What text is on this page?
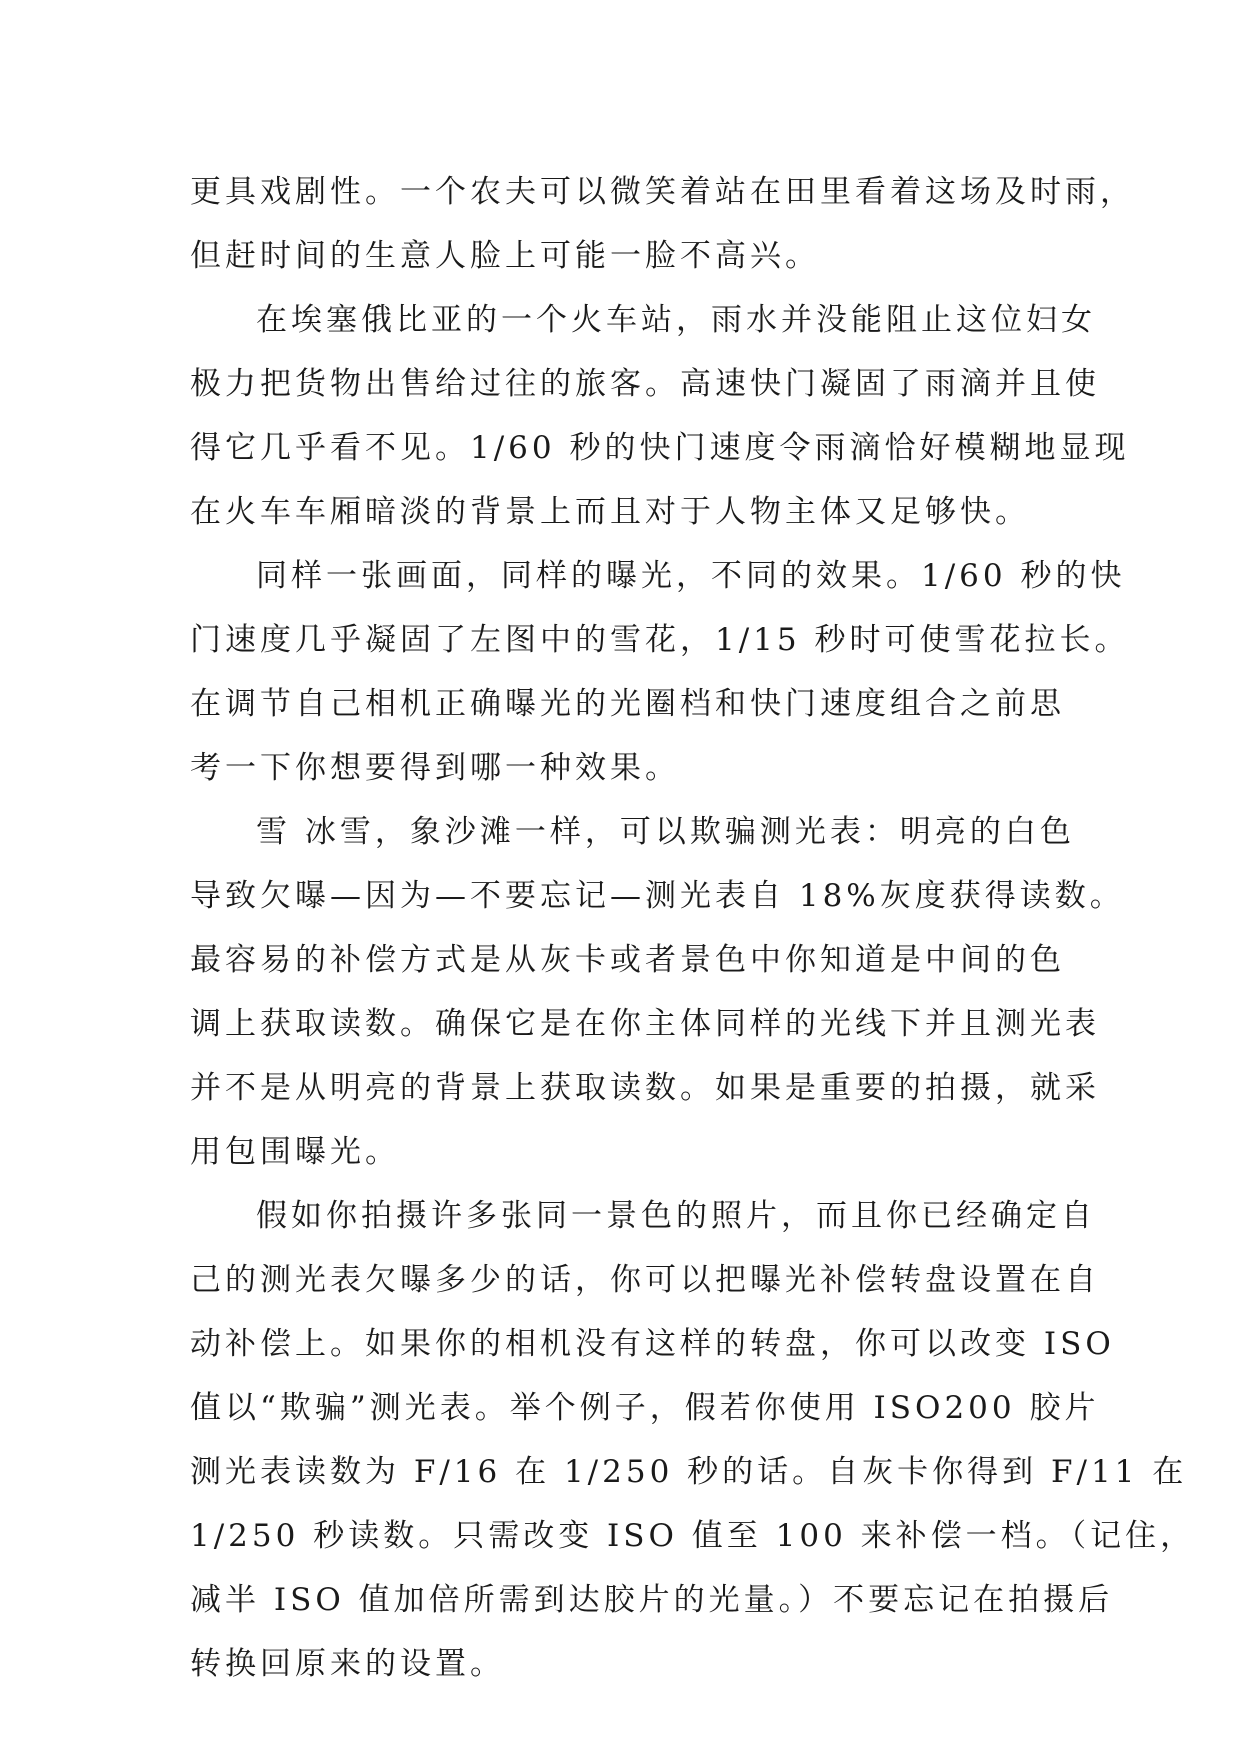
更具戏剧性。一个农夫可以微笑着站在田里看着这场及时雨，
但赶时间的生意人脸上可能一脸不高兴。
在埃塞俄比亚的一个火车站，雨水并没能阻止这位妇女
极力把货物出售给过往的旅客。高速快门凝固了雨滴并且使
得它几乎看不见。1/60 秒的快门速度令雨滴恰好模糊地显现
在火车车厢暗淡的背景上而且对于人物主体又足够快。
同样一张画面，同样的曝光，不同的效果。1/60 秒的快
门速度几乎凝固了左图中的雪花，1/15 秒时可使雪花拉长。
在调节自己相机正确曝光的光圈档和快门速度组合之前思
考一下你想要得到哪一种效果。
雪 冰雪，象沙滩一样，可以欺骗测光表：明亮的白色
导致欠曝—因为—不要忘记—测光表自 18%灰度获得读数。
最容易的补偿方式是从灰卡或者景色中你知道是中间的色
调上获取读数。确保它是在你主体同样的光线下并且测光表
并不是从明亮的背景上获取读数。如果是重要的拍摄，就采
用包围曝光。
假如你拍摄许多张同一景色的照片，而且你已经确定自
己的测光表欠曝多少的话，你可以把曝光补偿转盘设置在自
动补偿上。如果你的相机没有这样的转盘，你可以改变 ISO
值以“欺骗”测光表。举个例子，假若你使用 ISO200 胶片
测光表读数为 F/16 在 1/250 秒的话。自灰卡你得到 F/11 在
1/250 秒读数。只需改变 ISO 值至 100 来补偿一档。（记住，
减半 ISO 值加倍所需到达胶片的光量。）不要忘记在拍摄后
转换回原来的设置。
